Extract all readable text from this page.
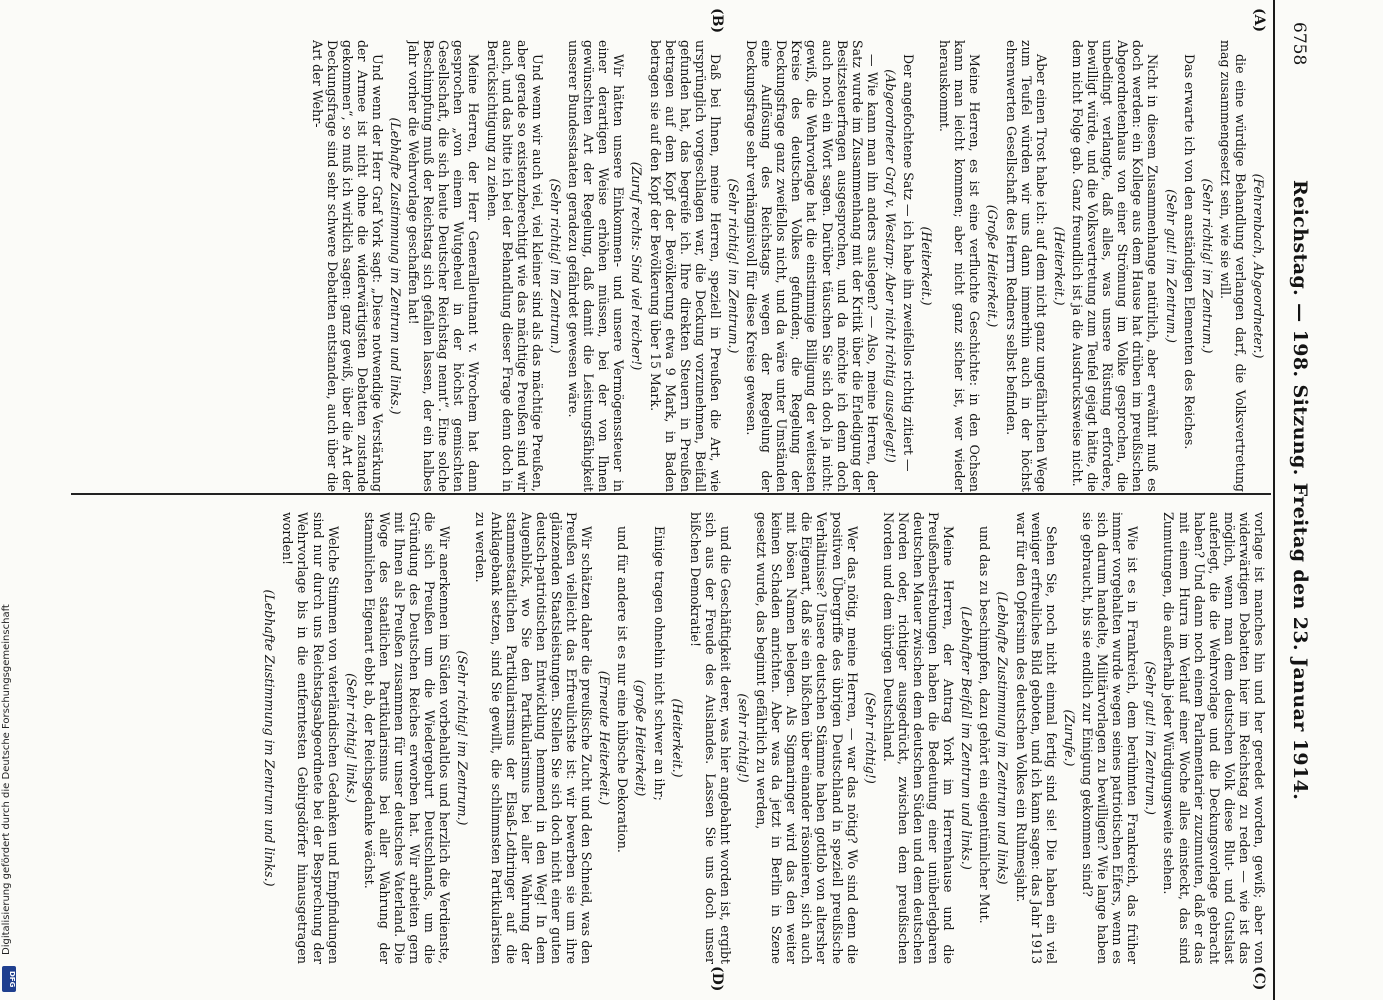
6758
Reichstag. — 198. Sitzung. Freitag den 23. Januar 1914.
(A)
(B)
(C)
(D)

(Fehrenbach, Abgeordneter.)

die eine würdige Behandlung verlangen darf, die Volksvertretung mag zusammengesetzt sein, wie sie will.

(Sehr richtig! im Zentrum.)

Das erwarte ich von den anständigen Elementen des Reiches.

(Sehr gut! im Zentrum.)

Nicht in diesem Zusammenhange natürlich, aber erwähnt muß es doch werden: ein Kollege aus dem Hause hat drüben im preußischen Abgeordnetenhaus von einer Strömung im Volke gesprochen, die unbedingt verlangte, daß alles, was unsere Rüstung erfordere, bewilligt würde, und die Volksvertretung zum Teufel gejagt hätte, die dem nicht Folge gab. Ganz freundlich ist ja die Ausdrucksweise nicht.

(Heiterkeit.)

Aber einen Trost habe ich: auf dem nicht ganz ungefährlichen Wege zum Teufel würden wir uns dann immerhin auch in der höchst ehrenwerten Gesellschaft des Herrn Redners selbst befinden.

(Große Heiterkeit.)

Meine Herren, es ist eine verfluchte Geschichte: in den Ochsen kann man leicht kommen; aber nicht ganz sicher ist, wer wieder herauskommt.

(Heiterkeit.)

Der angefochtene Satz — ich habe ihn zweifellos richtig zitiert —

(Abgeordneter Graf v. Westarp: Aber nicht richtig ausgelegt!)

— Wie kann man ihn anders auslegen? — Also, meine Herren, der Satz wurde im Zusammenhang mit der Kritik über die Erledigung der Besitzsteuerfragen ausgesprochen, und da möchte ich denn doch auch noch ein Wort sagen. Darüber täuschen Sie sich doch ja nicht: gewiß, die Wehrvorlage hat die einstimmige Billigung der weitesten Kreise des deutschen Volkes gefunden; die Regelung der Deckungsfrage ganz zweifellos nicht, und da wäre unter Umständen eine Auflösung des Reichstags wegen der Regelung der Deckungsfrage sehr verhängnisvoll für diese Kreise gewesen.

(Sehr richtig! im Zentrum.)

Daß bei Ihnen, meine Herren, speziell in Preußen die Art, wie ursprünglich vorgeschlagen war, die Deckung vorzunehmen, Beifall gefunden hat, das begreife ich. Ihre direkten Steuern in Preußen betragen auf dem Kopf der Bevölkerung etwa 9 Mark, in Baden betragen sie auf den Kopf der Bevölkerung über 15 Mark.

(Zuruf rechts: Sind viel reicher!)

Wir hätten unsere Einkommen- und unsere Vermögenssteuer in einer derartigen Weise erhöhen müssen, bei der von Ihnen gewünschten Art der Regelung, daß damit die Leistungsfähigkeit unserer Bundesstaaten geradezu gefährdet gewesen wäre.

(Sehr richtig! im Zentrum.)

Und wenn wir auch viel, viel kleiner sind als das mächtige Preußen, aber gerade so existenzberechtigt wie das mächtige Preußen sind wir auch, und das bitte ich bei der Behandlung dieser Frage denn doch in Berücksichtigung zu ziehen.

Meine Herren, der Herr Generalleutnant v. Wrochem hat dann gesprochen „von einem Wutgeheul in der höchst gemischten Gesellschaft, die sich heute Deutscher Reichstag nennt“. Eine solche Beschimpfung muß der Reichstag sich gefallen lassen, der ein halbes Jahr vorher die Wehrvorlage geschaffen hat!

(Lebhafte Zustimmung im Zentrum und links.)

Und wenn der Herr Graf York sagt: „Diese notwendige Verstärkung der Armee ist nicht ohne die widerwärtigsten Debatten zustande gekommen“, so muß ich wirklich sagen: ganz gewiß, über die Art der Deckungsfrage sind sehr schwere Debatten entstanden, auch über die Art der Wehr-

vorlage ist manches hin und her geredet worden, gewiß; aber von widerwärtigen Debatten hier im Reichstag zu reden — wie ist das möglich, wenn man dem deutschen Volk diese Blut- und Gutslast auferlegt, die die Wehrvorlage und die Deckungsvorlage gebracht haben? Und dann noch einem Parlamentarier zuzumuten, daß er das mit einem Hurra im Verlauf einer Woche alles einsteckt, das sind Zumutungen, die außerhalb jeder Würdigungsweite stehen.

(Sehr gut! im Zentrum.)

Wie ist es in Frankreich, dem berühmten Frankreich, das früher immer vorgehalten wurde wegen seines patriotischen Eifers, wenn es sich darum handelte, Militärvorlagen zu bewilligen? Wie lange haben sie gebraucht, bis sie endlich zur Einigung gekommen sind?

(Zurufe.)

Sehen Sie, noch nicht einmal fertig sind sie! Die haben ein viel weniger erfreuliches Bild geboten, und ich kann sagen: das Jahr 1913 war für den Opfersinn des deutschen Volkes ein Ruhmesjahr.

(Lebhafte Zustimmung im Zentrum und links)

und das zu beschimpfen, dazu gehört ein eigentümlicher Mut.

(Lebhafter Beifall im Zentrum und links.)

Meine Herren, der Antrag York im Herrenhause und die Preußenbestrebungen haben die Bedeutung einer unüberlegbaren deutschen Mauer zwischen dem deutschen Süden und dem deutschen Norden oder, richtiger ausgedrückt, zwischen dem preußischen Norden und dem übrigen Deutschland.

(Sehr richtig!)

Wer das nötig, meine Herren, — war das nötig? Wo sind denn die positiven Übergriffe des übrigen Deutschland in speziell preußische Verhältnisse? Unsere deutschen Stämme haben gottlob von altersher die Eigenart, daß sie ein bißchen über einander räsonieren, sich auch mit bösen Namen belegen. Als Sigmaringer wird das den weiter keinen Schaden anrichten. Aber was da jetzt in Berlin in Szene gesetzt wurde, das beginnt gefährlich zu werden,

(sehr richtig!)

und die Geschäftigkeit derer, was hier angebahnt worden ist, ergibt sich aus der Freude des Auslandes. Lassen Sie uns doch unser bißchen Demokratie!

(Heiterkeit.)

Einige tragen ohnehin nicht schwer an ihr;

(große Heiterkeit)

und für andere ist es nur eine hübsche Dekoration.

(Erneute Heiterkeit.)

Wir schätzen daher die preußische Zucht und den Schneid, was den Preußen vielleicht das Erfreulichste ist: wir bewerben sie um ihre glänzenden Staatsleistungen. Stellen Sie sich doch nicht einer guten deutsch-patriotischen Entwicklung hemmend in den Weg! In dem Augenblick, wo Sie den Partikularismus bei aller Wahrung der stammestaatlichen Partikularismus der Elsaß-Lothringer auf die Anklagebank setzen, sind Sie gewillt, die schlimmsten Partikularisten zu werden.

(Sehr richtig! im Zentrum.)

Wir anerkennen im Süden vorbehaltlos und herzlich die Verdienste, die sich Preußen um die Wiedergeburt Deutschlands, um die Gründung des Deutschen Reiches erworben hat. Wir arbeiten gern mit Ihnen als Preußen zusammen für unser deutsches Vaterland. Die Woge des staatlichen Partikularismus bei aller Wahrung der stammlichen Eigenart ebbt ab, der Reichsgedanke wächst.

(Sehr richtig! links.)

Welche Stimmen von vaterländischen Gedanken und Empfindungen sind nur durch uns Reichstagsabgeordnete bei der Besprechung der Wehrvorlage bis in die entferntesten Gebirgsdörfer hinausgetragen worden!

(Lebhafte Zustimmung im Zentrum und links.)

Digitalisierung gefördert durch die Deutsche Forschungsgemeinschaft
DFG
